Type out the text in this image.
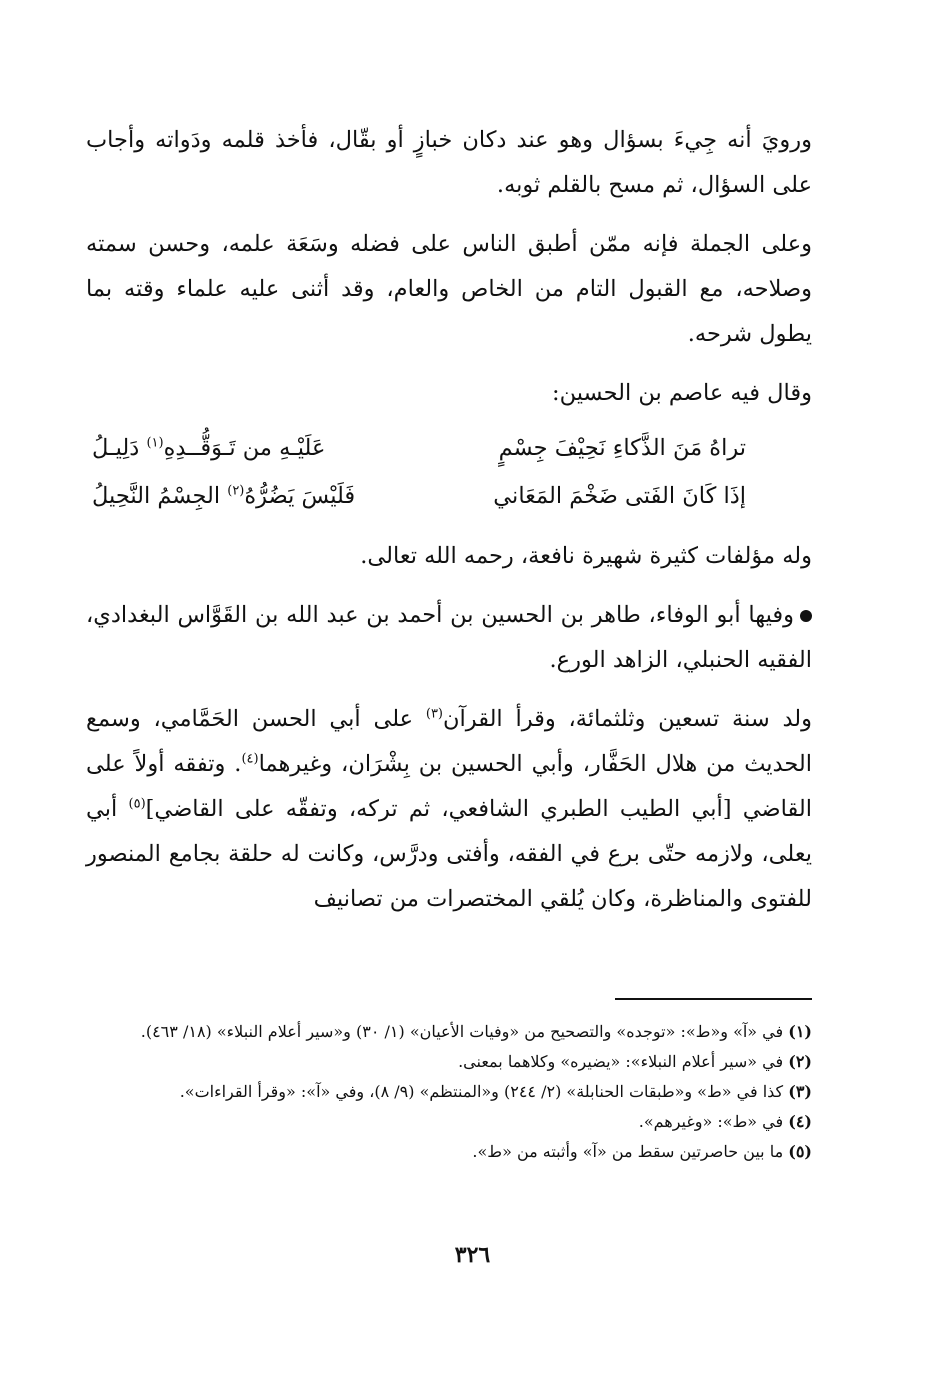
ورويَ أنه جِيءَ بسؤال وهو عند دكان خبازٍ أو بقّال، فأخذ قلمه ودَواته وأجاب على السؤال، ثم مسح بالقلم ثوبه.

وعلى الجملة فإنه ممّن أطبق الناس على فضله وسَعَة علمه، وحسن سمته وصلاحه، مع القبول التام من الخاص والعام، وقد أثنى عليه علماء وقته بما يطول شرحه.

وقال فيه عاصم بن الحسين:

تراهُ مَنَ الذَّكاءِ نَحِيْفَ جِسْمٍ
عَلَيْـهِ من تَـوَقُّــدِهِ$^{(١)}$ دَلِيـلُ
إذَا كَانَ الفَتى ضَخْمَ المَعَاني
فَلَيْسَ يَضُرُّهُ$^{(٢)}$ الجِسْمُ النَّحِيلُ

وله مؤلفات كثيرة شهيرة نافعة، رحمه الله تعالى.

وفيها أبو الوفاء، طاهر بن الحسين بن أحمد بن عبد الله بن القَوَّاس البغدادي، الفقيه الحنبلي، الزاهد الورع.

ولد سنة تسعين وثلثمائة، وقرأ القرآن$^{(٣)}$ على أبي الحسن الحَمَّامي، وسمع الحديث من هلال الحَفَّار، وأبي الحسين بن بِشْرَان، وغيرهما$^{(٤)}$. وتفقه أولاً على القاضي [أبي الطيب الطبري الشافعي، ثم تركه، وتفقّه على القاضي]$^{(٥)}$ أبي يعلى، ولازمه حتّى برع في الفقه، وأفتى ودرَّس، وكانت له حلقة بجامع المنصور للفتوى والمناظرة، وكان يُلقي المختصرات من تصانيف

(١) في «آ» و«ط»: «توجده» والتصحيح من «وفيات الأعيان» (١/ ٣٠) و«سير أعلام النبلاء» (١٨/ ٤٦٣).

(٢) في «سير أعلام النبلاء»: «يضيره» وكلاهما بمعنى.

(٣) كذا في «ط» و«طبقات الحنابلة» (٢/ ٢٤٤) و«المنتظم» (٩/ ٨)، وفي «آ»: «وقرأ القراءات».

(٤) في «ط»: «وغيرهم».

(٥) ما بين حاصرتين سقط من «آ» وأثبته من «ط».

٣٢٦
